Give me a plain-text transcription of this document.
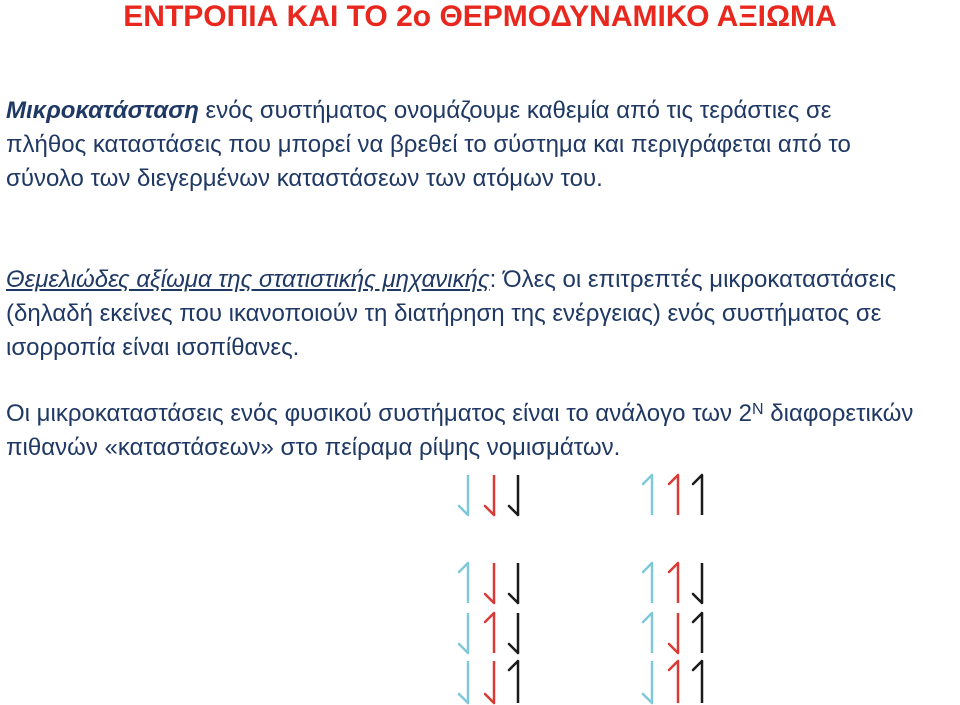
ΕΝΤΡΟΠΙΑ ΚΑΙ ΤΟ 2ο ΘΕΡΜΟΔΥΝΑΜΙΚΟ ΑΞΙΩΜΑ

Μικροκατάσταση ενός συστήματος ονομάζουμε καθεμία από τις τεράστιες σε πλήθος καταστάσεις που μπορεί να βρεθεί το σύστημα και περιγράφεται από το σύνολο των διεγερμένων καταστάσεων των ατόμων του.

Θεμελιώδες αξίωμα της στατιστικής μηχανικής: Όλες οι επιτρεπτές μικροκαταστάσεις (δηλαδή εκείνες που ικανοποιούν τη διατήρηση της ενέργειας) ενός συστήματος σε ισορροπία είναι ισοπίθανες.

Οι μικροκαταστάσεις ενός φυσικού συστήματος είναι το ανάλογο των $2^N$ διαφορετικών πιθανών «καταστάσεων» στο πείραμα ρίψης νομισμάτων.
